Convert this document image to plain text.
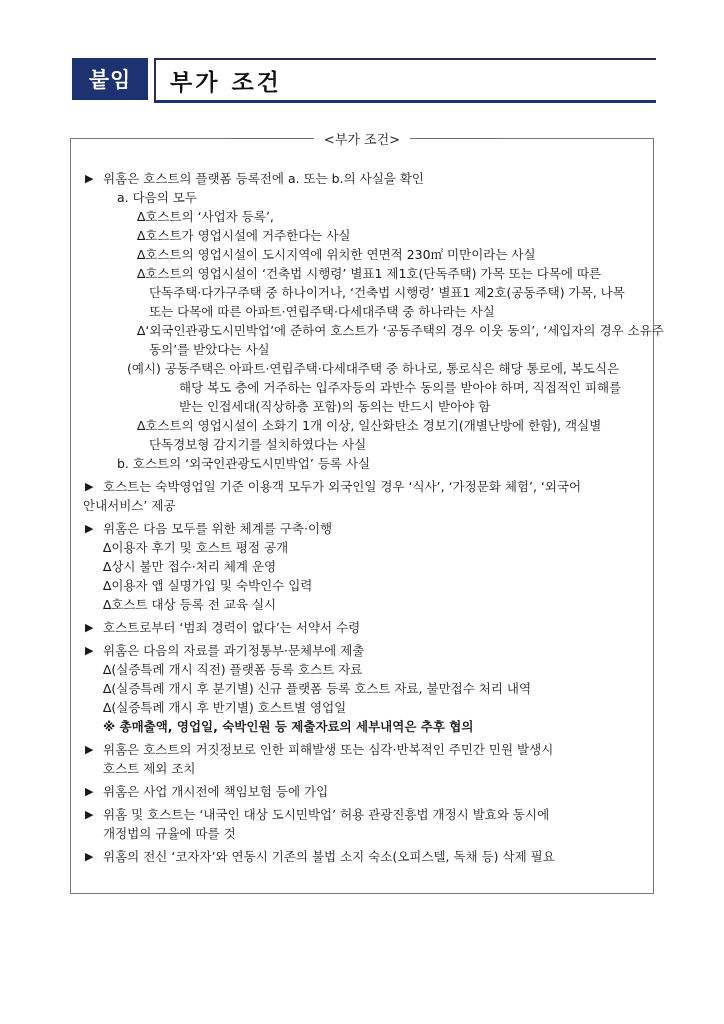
붙임	부가 조건
<부가 조건>
▶ 위홈은 호스트의 플랫폼 등록전에 a. 또는 b.의 사실을 확인
a. 다음의 모두
∆호스트의 ‘사업자 등록’,
∆호스트가 영업시설에 거주한다는 사실
∆호스트의 영업시설이 도시지역에 위치한 연면적 230㎡ 미만이라는 사실
∆호스트의 영업시설이 ‘건축법 시행령’ 별표1 제1호(단독주택) 가목 또는 다목에 따른
단독주택·다가구주택 중 하나이거나, ‘건축법 시행령’ 별표1 제2호(공동주택) 가목, 나목
또는 다목에 따른 아파트·연립주택·다세대주택 중 하나라는 사실
∆‘외국인관광도시민박업’에 준하여 호스트가 ‘공동주택의 경우 이웃 동의’, ‘세입자의 경우 소유주
동의’를 받았다는 사실
(예시) 공동주택은 아파트·연립주택·다세대주택 중 하나로, 통로식은 해당 통로에, 복도식은
해당 복도 층에 거주하는 입주자등의 과반수 동의를 받아야 하며, 직접적인 피해를
받는 인접세대(직상하층 포함)의 동의는 반드시 받아야 함
∆호스트의 영업시설이 소화기 1개 이상, 일산화탄소 경보기(개별난방에 한함), 객실별
단독경보형 감지기를 설치하였다는 사실
b. 호스트의 ‘외국인관광도시민박업’ 등록 사실
▶ 호스트는 숙박영업일 기준 이용객 모두가 외국인일 경우 ‘식사’, ‘가정문화 체험’, ‘외국어
안내서비스’ 제공
▶ 위홈은 다음 모두를 위한 체계를 구축·이행
∆이용자 후기 및 호스트 평점 공개
∆상시 불만 접수·처리 체계 운영
∆이용자 앱 실명가입 및 숙박인수 입력
∆호스트 대상 등록 전 교육 실시
▶ 호스트로부터 ‘범죄 경력이 없다’는 서약서 수령
▶ 위홈은 다음의 자료를 과기정통부·문체부에 제출
∆(실증특례 개시 직전) 플랫폼 등록 호스트 자료
∆(실증특례 개시 후 분기별) 신규 플랫폼 등록 호스트 자료, 불만접수 처리 내역
∆(실증특례 개시 후 반기별) 호스트별 영업일
※ 총매출액, 영업일, 숙박인원 등 제출자료의 세부내역은 추후 협의
▶ 위홈은 호스트의 거짓정보로 인한 피해발생 또는 심각·반복적인 주민간 민원 발생시
호스트 제외 조치
▶ 위홈은 사업 개시전에 책임보험 등에 가입
▶ 위홈 및 호스트는 ‘내국인 대상 도시민박업’ 허용 관광진흥법 개정시 발효와 동시에
개정법의 규율에 따를 것
▶ 위홈의 전신 ‘코자자’와 연동시 기존의 불법 소지 숙소(오피스텔, 독채 등) 삭제 필요
